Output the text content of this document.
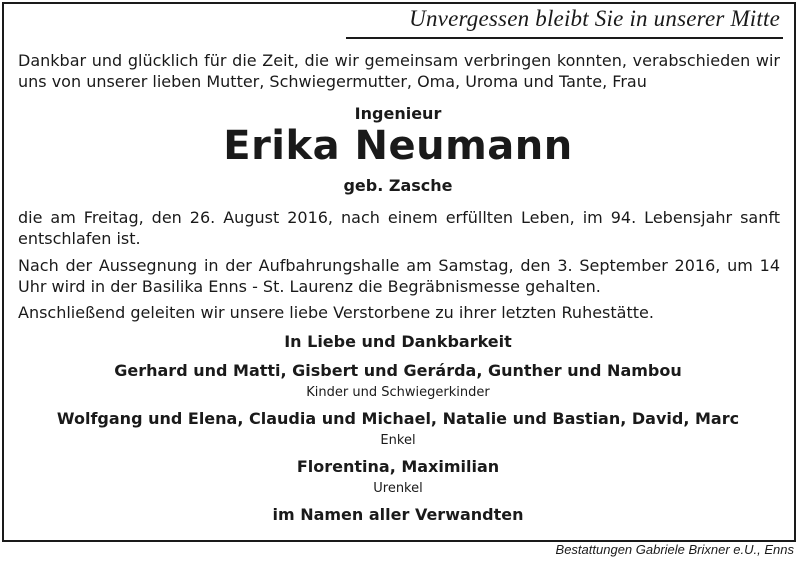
Unvergessen bleibt Sie in unserer Mitte
Dankbar und glücklich für die Zeit, die wir gemeinsam verbringen konnten, verabschieden wir uns von unserer lieben Mutter, Schwiegermutter, Oma, Uroma und Tante, Frau
Ingenieur
Erika Neumann
geb. Zasche
die am Freitag, den 26. August 2016, nach einem erfüllten Leben, im 94. Lebensjahr sanft entschlafen ist.
Nach der Aussegnung in der Aufbahrungshalle am Samstag, den 3. September 2016, um 14 Uhr wird in der Basilika Enns - St. Laurenz die Begräbnismesse gehalten.
Anschließend geleiten wir unsere liebe Verstorbene zu ihrer letzten Ruhestätte.
In Liebe und Dankbarkeit
Gerhard und Matti, Gisbert und Gerárda, Gunther und Nambou
Kinder und Schwiegerkinder
Wolfgang und Elena, Claudia und Michael, Natalie und Bastian, David, Marc
Enkel
Florentina, Maximilian
Urenkel
im Namen aller Verwandten
Bestattungen Gabriele Brixner e.U., Enns
